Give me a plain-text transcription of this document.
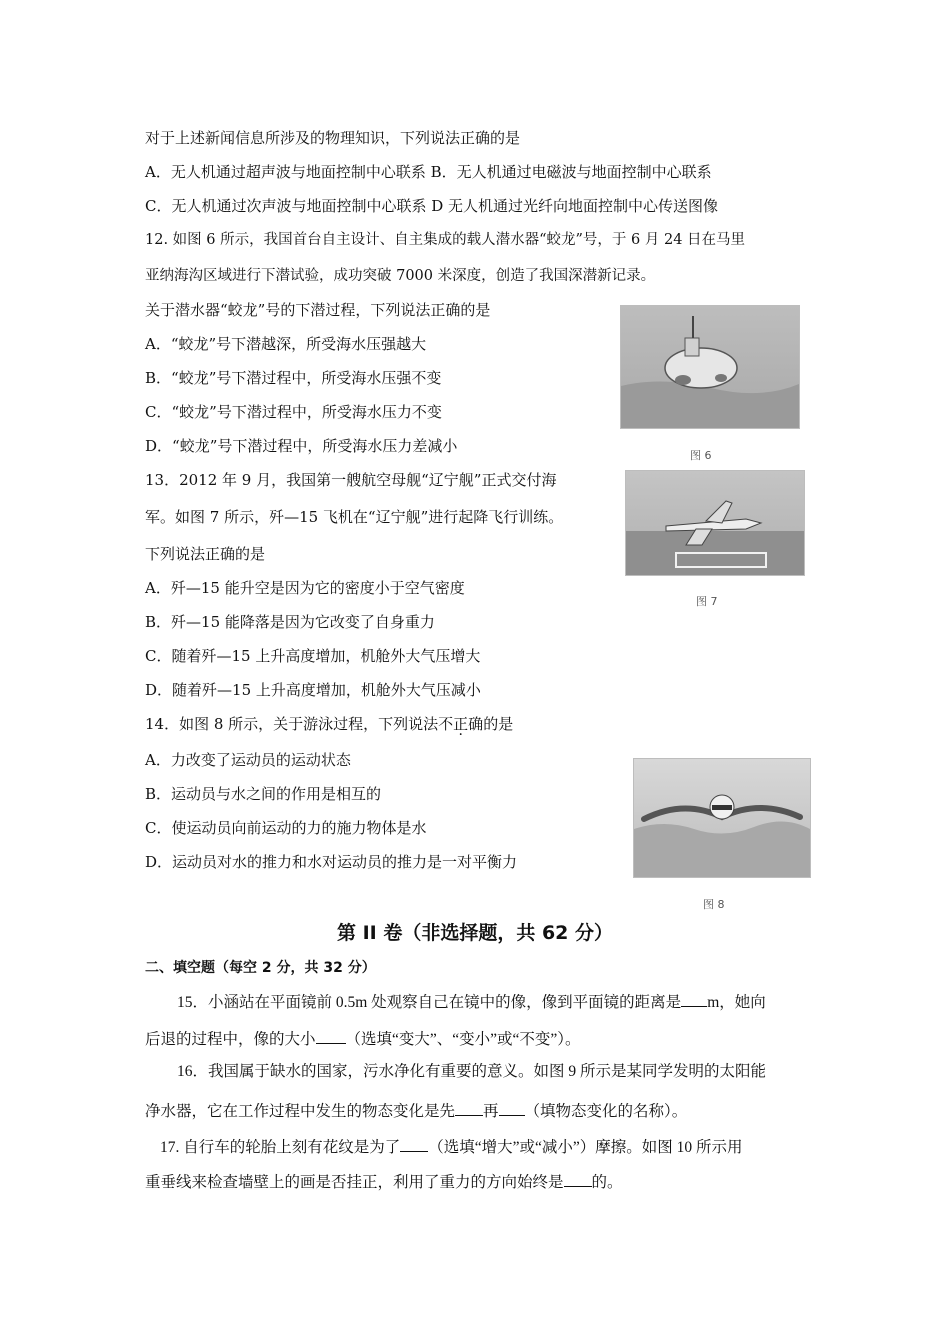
对于上述新闻信息所涉及的物理知识，下列说法正确的是
A．无人机通过超声波与地面控制中心联系 B．无人机通过电磁波与地面控制中心联系
C．无人机通过次声波与地面控制中心联系 D 无人机通过光纤向地面控制中心传送图像
12. 如图 6 所示，我国首台自主设计、自主集成的载人潜水器“蛟龙”号，于 6 月 24 日在马里
亚纳海沟区域进行下潜试验，成功突破 7000 米深度，创造了我国深潜新记录。
关于潜水器“蛟龙”号的下潜过程，下列说法正确的是
A．“蛟龙”号下潜越深，所受海水压强越大
B．“蛟龙”号下潜过程中，所受海水压强不变
C．“蛟龙”号下潜过程中，所受海水压力不变
D．“蛟龙”号下潜过程中，所受海水压力差减小
图 6
13．2012 年 9 月，我国第一艘航空母舰“辽宁舰”正式交付海
军。如图 7 所示，歼—15 飞机在“辽宁舰”进行起降飞行训练。
下列说法正确的是
A．歼—15 能升空是因为它的密度小于空气密度
B．歼—15 能降落是因为它改变了自身重力
C．随着歼—15 上升高度增加，机舱外大气压增大
D．随着歼—15 上升高度增加，机舱外大气压减小
图 7
14．如图 8 所示，关于游泳过程，下列说法不正确的是
A．力改变了运动员的运动状态
B．运动员与水之间的作用是相互的
C．使运动员向前运动的力的施力物体是水
D．运动员对水的推力和水对运动员的推力是一对平衡力
图 8
第 II 卷（非选择题，共 62 分）
二、填空题（每空 2 分，共 32 分）
15．小涵站在平面镜前 0.5m 处观察自己在镜中的像，像到平面镜的距离是 m，她向
后退的过程中，像的大小 （选填“变大”、“变小”或“不变”）。
16．我国属于缺水的国家，污水净化有重要的意义。如图 9 所示是某同学发明的太阳能
净水器，它在工作过程中发生的物态变化是先 再 （填物态变化的名称）。
17. 自行车的轮胎上刻有花纹是为了 （选填“增大”或“减小”）摩擦。如图 10 所示用
重垂线来检查墙壁上的画是否挂正，利用了重力的方向始终是 的。
